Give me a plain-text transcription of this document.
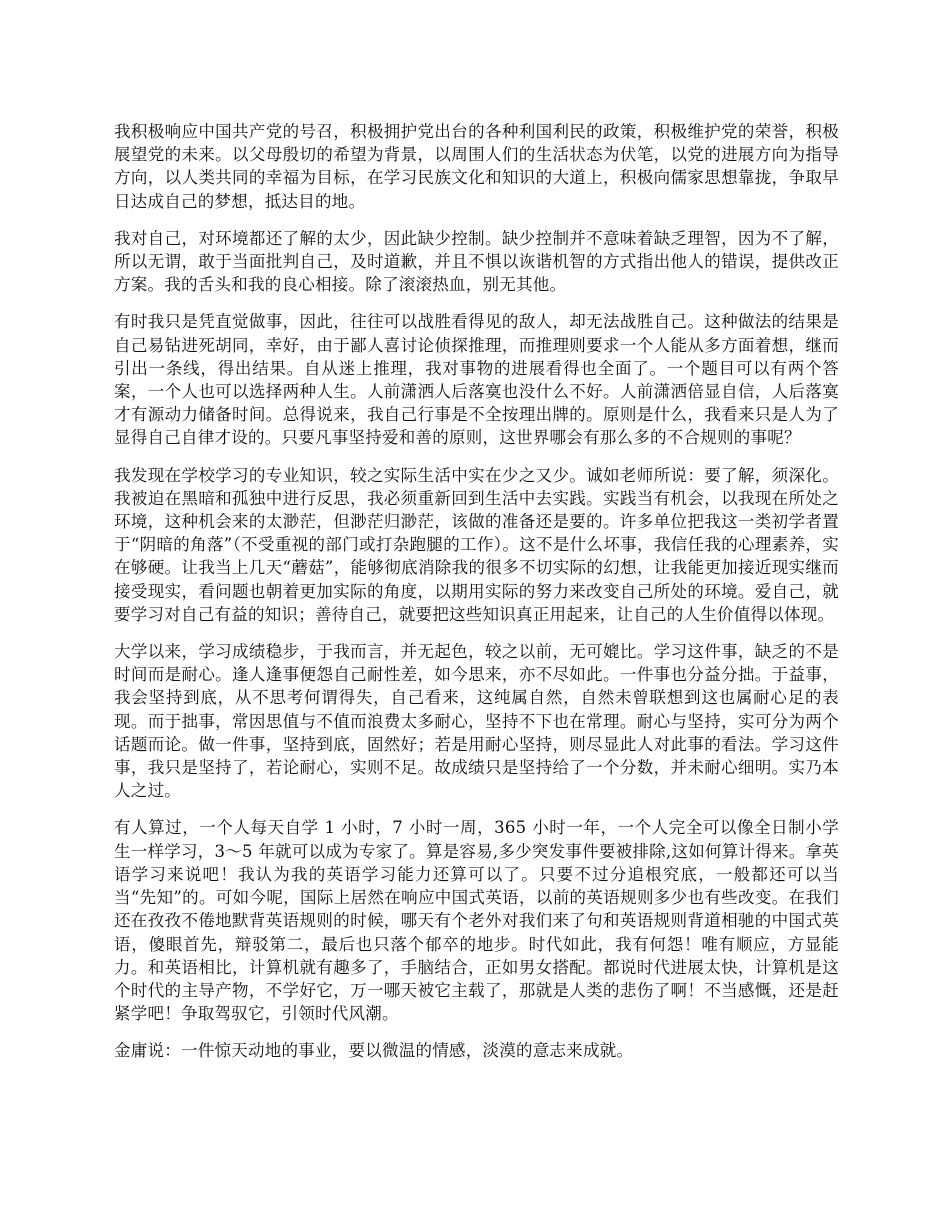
我积极响应中国共产党的号召，积极拥护党出台的各种利国利民的政策，积极维护党的荣誉，积极展望党的未来。以父母殷切的希望为背景，以周围人们的生活状态为伏笔，以党的进展方向为指导方向，以人类共同的幸福为目标，在学习民族文化和知识的大道上，积极向儒家思想靠拢，争取早日达成自己的梦想，抵达目的地。

我对自己，对环境都还了解的太少，因此缺少控制。缺少控制并不意味着缺乏理智，因为不了解，所以无谓，敢于当面批判自己，及时道歉，并且不惧以诙谐机智的方式指出他人的错误，提供改正方案。我的舌头和我的良心相接。除了滚滚热血，别无其他。

有时我只是凭直觉做事，因此，往往可以战胜看得见的敌人，却无法战胜自己。这种做法的结果是自己易钻进死胡同，幸好，由于鄙人喜讨论侦探推理，而推理则要求一个人能从多方面着想，继而引出一条线，得出结果。自从迷上推理，我对事物的进展看得也全面了。一个题目可以有两个答案，一个人也可以选择两种人生。人前潇洒人后落寞也没什么不好。人前潇洒倍显自信，人后落寞才有源动力储备时间。总得说来，我自己行事是不全按理出牌的。原则是什么，我看来只是人为了显得自己自律才设的。只要凡事坚持爱和善的原则，这世界哪会有那么多的不合规则的事呢？

我发现在学校学习的专业知识，较之实际生活中实在少之又少。诚如老师所说：要了解，须深化。我被迫在黑暗和孤独中进行反思，我必须重新回到生活中去实践。实践当有机会，以我现在所处之环境，这种机会来的太渺茫，但渺茫归渺茫，该做的准备还是要的。许多单位把我这一类初学者置于“阴暗的角落”（不受重视的部门或打杂跑腿的工作）。这不是什么坏事，我信任我的心理素养，实在够硬。让我当上几天“蘑菇”，能够彻底消除我的很多不切实际的幻想，让我能更加接近现实继而接受现实，看问题也朝着更加实际的角度，以期用实际的努力来改变自己所处的环境。爱自己，就要学习对自己有益的知识；善待自己，就要把这些知识真正用起来，让自己的人生价值得以体现。

大学以来，学习成绩稳步，于我而言，并无起色，较之以前，无可媲比。学习这件事，缺乏的不是时间而是耐心。逢人逢事便怨自己耐性差，如今思来，亦不尽如此。一件事也分益分拙。于益事，我会坚持到底，从不思考何谓得失，自己看来，这纯属自然，自然未曾联想到这也属耐心足的表现。而于拙事，常因思值与不值而浪费太多耐心，坚持不下也在常理。耐心与坚持，实可分为两个话题而论。做一件事，坚持到底，固然好；若是用耐心坚持，则尽显此人对此事的看法。学习这件事，我只是坚持了，若论耐心，实则不足。故成绩只是坚持给了一个分数，并未耐心细明。实乃本人之过。

有人算过，一个人每天自学 1 小时，7 小时一周，365 小时一年，一个人完全可以像全日制小学生一样学习，3～5 年就可以成为专家了。算是容易,多少突发事件要被排除,这如何算计得来。拿英语学习来说吧！我认为我的英语学习能力还算可以了。只要不过分追根究底，一般都还可以当当“先知”的。可如今呢，国际上居然在响应中国式英语，以前的英语规则多少也有些改变。在我们还在孜孜不倦地默背英语规则的时候，哪天有个老外对我们来了句和英语规则背道相驰的中国式英语，傻眼首先，辩驳第二，最后也只落个郁卒的地步。时代如此，我有何怨！唯有顺应，方显能力。和英语相比，计算机就有趣多了，手脑结合，正如男女搭配。都说时代进展太快，计算机是这个时代的主导产物，不学好它，万一哪天被它主载了，那就是人类的悲伤了啊！不当感慨，还是赶紧学吧！争取驾驭它，引领时代风潮。

金庸说：一件惊天动地的事业，要以微温的情感，淡漠的意志来成就。
